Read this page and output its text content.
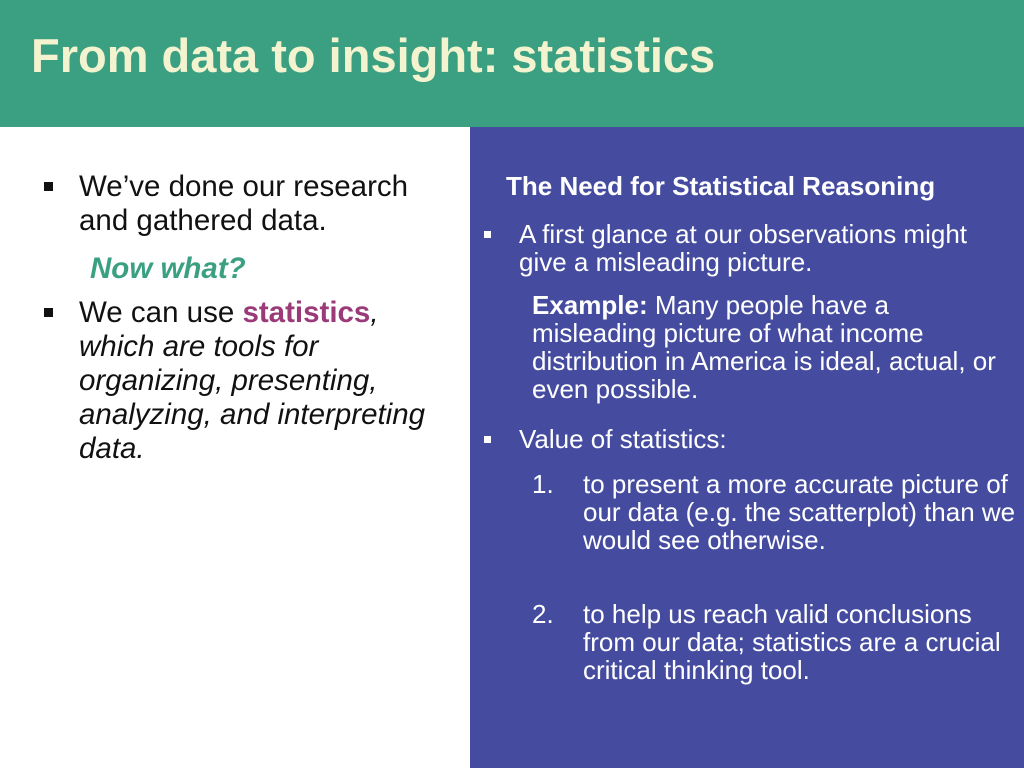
From data to insight: statistics
We’ve done our research and gathered data.
Now what?
We can use statistics, which are tools for organizing, presenting, analyzing, and interpreting data.
The Need for Statistical Reasoning
A first glance at our observations might give a misleading picture.
Example: Many people have a misleading picture of what income distribution in America is ideal, actual, or even possible.
Value of statistics:
1. to present a more accurate picture of our data (e.g. the scatterplot) than we would see otherwise.
2. to help us reach valid conclusions from our data; statistics are a crucial critical thinking tool.
